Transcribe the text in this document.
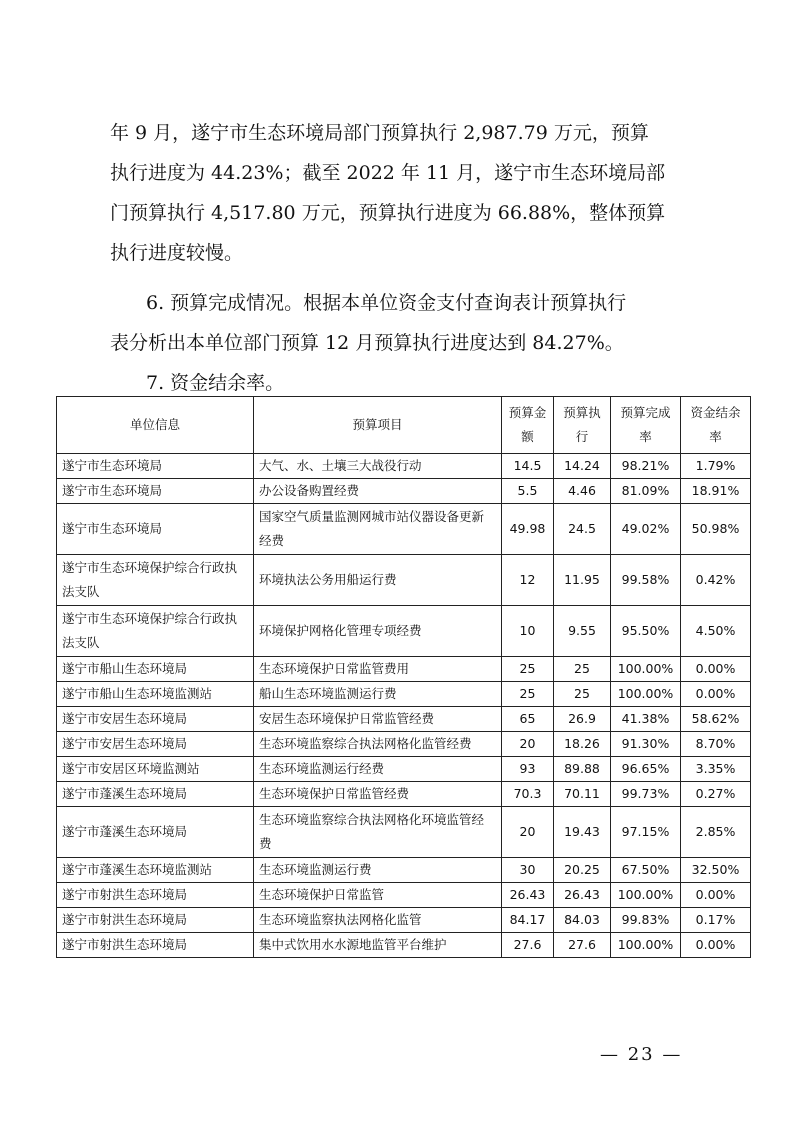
年 9 月，遂宁市生态环境局部门预算执行 2,987.79 万元，预算
执行进度为 44.23%；截至 2022 年 11 月，遂宁市生态环境局部
门预算执行 4,517.80 万元，预算执行进度为 66.88%，整体预算
执行进度较慢。
6. 预算完成情况。根据本单位资金支付查询表计预算执行
表分析出本单位部门预算 12 月预算执行进度达到 84.27%。
7. 资金结余率。
单位信息	预算项目	预算金额	预算执行	预算完成率	资金结余率
遂宁市生态环境局	大气、水、土壤三大战役行动	14.5	14.24	98.21%	1.79%
遂宁市生态环境局	办公设备购置经费	5.5	4.46	81.09%	18.91%
遂宁市生态环境局	国家空气质量监测网城市站仪器设备更新经费	49.98	24.5	49.02%	50.98%
遂宁市生态环境保护综合行政执法支队	环境执法公务用船运行费	12	11.95	99.58%	0.42%
遂宁市生态环境保护综合行政执法支队	环境保护网格化管理专项经费	10	9.55	95.50%	4.50%
遂宁市船山生态环境局	生态环境保护日常监管费用	25	25	100.00%	0.00%
遂宁市船山生态环境监测站	船山生态环境监测运行费	25	25	100.00%	0.00%
遂宁市安居生态环境局	安居生态环境保护日常监管经费	65	26.9	41.38%	58.62%
遂宁市安居生态环境局	生态环境监察综合执法网格化监管经费	20	18.26	91.30%	8.70%
遂宁市安居区环境监测站	生态环境监测运行经费	93	89.88	96.65%	3.35%
遂宁市蓬溪生态环境局	生态环境保护日常监管经费	70.3	70.11	99.73%	0.27%
遂宁市蓬溪生态环境局	生态环境监察综合执法网格化环境监管经费	20	19.43	97.15%	2.85%
遂宁市蓬溪生态环境监测站	生态环境监测运行费	30	20.25	67.50%	32.50%
遂宁市射洪生态环境局	生态环境保护日常监管	26.43	26.43	100.00%	0.00%
遂宁市射洪生态环境局	生态环境监察执法网格化监管	84.17	84.03	99.83%	0.17%
遂宁市射洪生态环境局	集中式饮用水水源地监管平台维护	27.6	27.6	100.00%	0.00%
— 23 —
